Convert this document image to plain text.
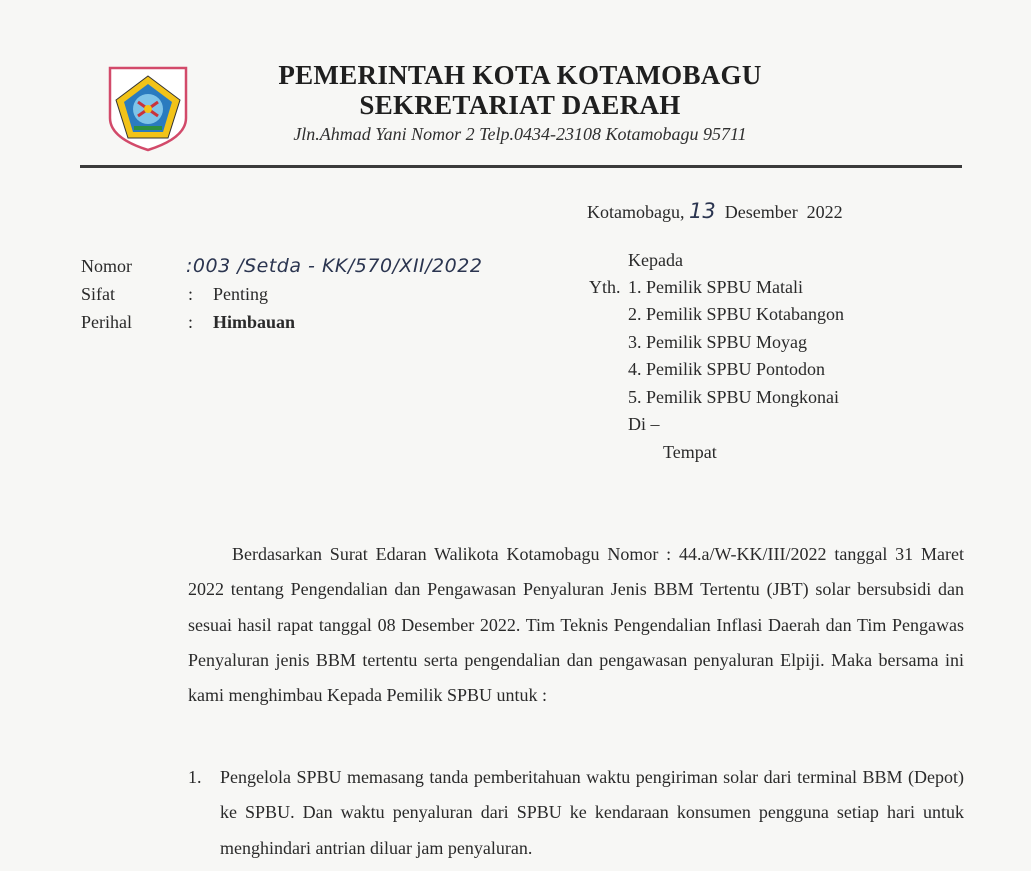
PEMERINTAH KOTA KOTAMOBAGU
SEKRETARIAT DAERAH
Jln.Ahmad Yani Nomor 2 Telp.0434-23108 Kotamobagu 95711
Kotamobagu, 13 Desember  2022
Nomor	:003 /Setda - KK/570/XII/2022
Sifat	: Penting
Perihal	: Himbauan
Kepada
Yth. 1. Pemilik SPBU Matali
2. Pemilik SPBU Kotabangon
3. Pemilik SPBU Moyag
4. Pemilik SPBU Pontodon
5. Pemilik SPBU Mongkonai
Di –
Tempat
Berdasarkan Surat Edaran Walikota Kotamobagu Nomor : 44.a/W-KK/III/2022 tanggal 31 Maret 2022 tentang Pengendalian dan Pengawasan Penyaluran Jenis BBM Tertentu (JBT) solar bersubsidi dan sesuai hasil rapat tanggal 08 Desember 2022. Tim Teknis Pengendalian Inflasi Daerah dan Tim Pengawas Penyaluran jenis BBM tertentu serta pengendalian dan pengawasan penyaluran Elpiji. Maka bersama ini kami menghimbau Kepada Pemilik SPBU untuk :
1. Pengelola SPBU memasang tanda pemberitahuan waktu pengiriman solar dari terminal BBM (Depot) ke SPBU. Dan waktu penyaluran dari SPBU ke kendaraan konsumen pengguna setiap hari untuk menghindari antrian diluar jam penyaluran.
